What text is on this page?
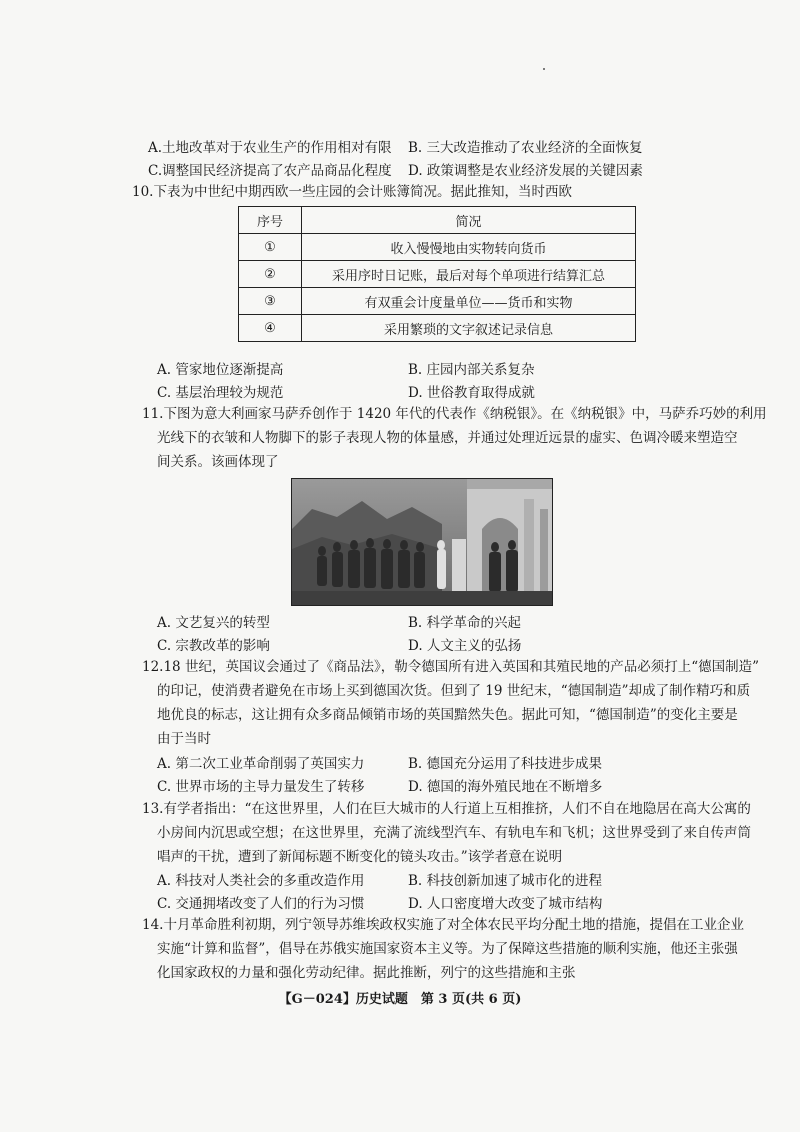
A.土地改革对于农业生产的作用相对有限 B. 三大改造推动了农业经济的全面恢复
C.调整国民经济提高了农产品商品化程度 D. 政策调整是农业经济发展的关键因素
10.下表为中世纪中期西欧一些庄园的会计账簿简况。据此推知，当时西欧
序号	简况
①	收入慢慢地由实物转向货币
②	采用序时日记账，最后对每个单项进行结算汇总
③	有双重会计度量单位——货币和实物
④	采用繁琐的文字叙述记录信息
A. 管家地位逐渐提高	B. 庄园内部关系复杂
C. 基层治理较为规范	D. 世俗教育取得成就
11.下图为意大利画家马萨乔创作于 1420 年代的代表作《纳税银》。在《纳税银》中，马萨乔巧妙的利用
光线下的衣皱和人物脚下的影子表现人物的体量感，并通过处理近远景的虚实、色调冷暖来塑造空
间关系。该画体现了
A. 文艺复兴的转型	B. 科学革命的兴起
C. 宗教改革的影响	D. 人文主义的弘扬
12.18 世纪，英国议会通过了《商品法》，勒令德国所有进入英国和其殖民地的产品必须打上“德国制造”
的印记，使消费者避免在市场上买到德国次货。但到了 19 世纪末，“德国制造”却成了制作精巧和质
地优良的标志，这让拥有众多商品倾销市场的英国黯然失色。据此可知，“德国制造”的变化主要是
由于当时
A. 第二次工业革命削弱了英国实力	B. 德国充分运用了科技进步成果
C. 世界市场的主导力量发生了转移	D. 德国的海外殖民地在不断增多
13.有学者指出：“在这世界里，人们在巨大城市的人行道上互相推挤，人们不自在地隐居在高大公寓的
小房间内沉思或空想；在这世界里，充满了流线型汽车、有轨电车和飞机；这世界受到了来自传声筒
唱声的干扰，遭到了新闻标题不断变化的镜头攻击。”该学者意在说明
A. 科技对人类社会的多重改造作用	B. 科技创新加速了城市化的进程
C. 交通拥堵改变了人们的行为习惯	D. 人口密度增大改变了城市结构
14.十月革命胜利初期，列宁领导苏维埃政权实施了对全体农民平均分配土地的措施，提倡在工业企业
实施“计算和监督”，倡导在苏俄实施国家资本主义等。为了保障这些措施的顺利实施，他还主张强
化国家政权的力量和强化劳动纪律。据此推断，列宁的这些措施和主张
【G－024】历史试题　第 3 页(共 6 页)
